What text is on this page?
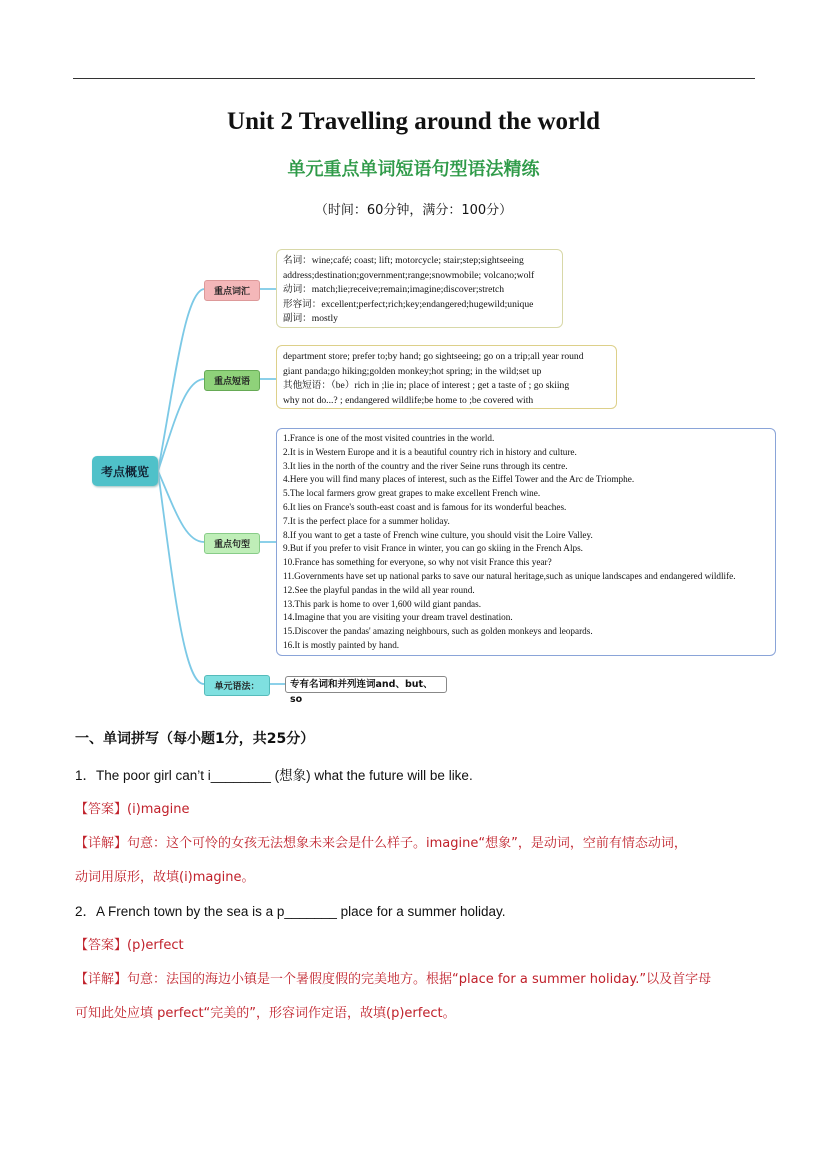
Unit 2 Travelling around the world
单元重点单词短语句型语法精练
（时间：60分钟，满分：100分）
考点概览
重点词汇
重点短语
重点句型
单元语法：
名词：wine;café; coast; lift; motorcycle; stair;step;sightseeing
address;destination;government;range;snowmobile; volcano;wolf
动词：match;lie;receive;remain;imagine;discover;stretch
形容词：excellent;perfect;rich;key;endangered;hugewild;unique
副词：mostly
department store; prefer to;by hand; go sightseeing; go on a trip;all year round
giant panda;go hiking;golden monkey;hot spring; in the wild;set up
其他短语：（be）rich in ;lie in; place of interest ; get a taste of ; go skiing
why not do...? ; endangered wildlife;be home to ;be covered with
1.France is one of the most visited countries in the world.
2.It is in Western Europe and it is a beautiful country rich in history and culture.
3.It lies in the north of the country and the river Seine runs through its centre.
4.Here you will find many places of interest, such as the Eiffel Tower and the Arc de Triomphe.
5.The local farmers grow great grapes to make excellent French wine.
6.It lies on France's south-east coast and is famous for its wonderful beaches.
7.It is the perfect place for a summer holiday.
8.If you want to get a taste of French wine culture, you should visit the Loire Valley.
9.But if you prefer to visit France in winter, you can go skiing in the French Alps.
10.France has something for everyone, so why not visit France this year?
11.Governments have set up national parks to save our natural heritage,such as unique landscapes and endangered wildlife.
12.See the playful pandas in the wild all year round.
13.This park is home to over 1,600 wild giant pandas.
14.Imagine that you are visiting your dream travel destination.
15.Discover the pandas' amazing neighbours, such as golden monkeys and leopards.
16.It is mostly painted by hand.
专有名词和并列连词and、but、so
一、单词拼写（每小题1分，共25分）
1．The poor girl can’t i________ (想象) what the future will be like.
【答案】(i)magine
【详解】句意：这个可怜的女孩无法想象未来会是什么样子。imagine“想象”，是动词，空前有情态动词，
动词用原形，故填(i)magine。
2．A French town by the sea is a p_______ place for a summer holiday.
【答案】(p)erfect
【详解】句意：法国的海边小镇是一个暑假度假的完美地方。根据“place for a summer holiday.”以及首字母
可知此处应填 perfect“完美的”，形容词作定语，故填(p)erfect。
